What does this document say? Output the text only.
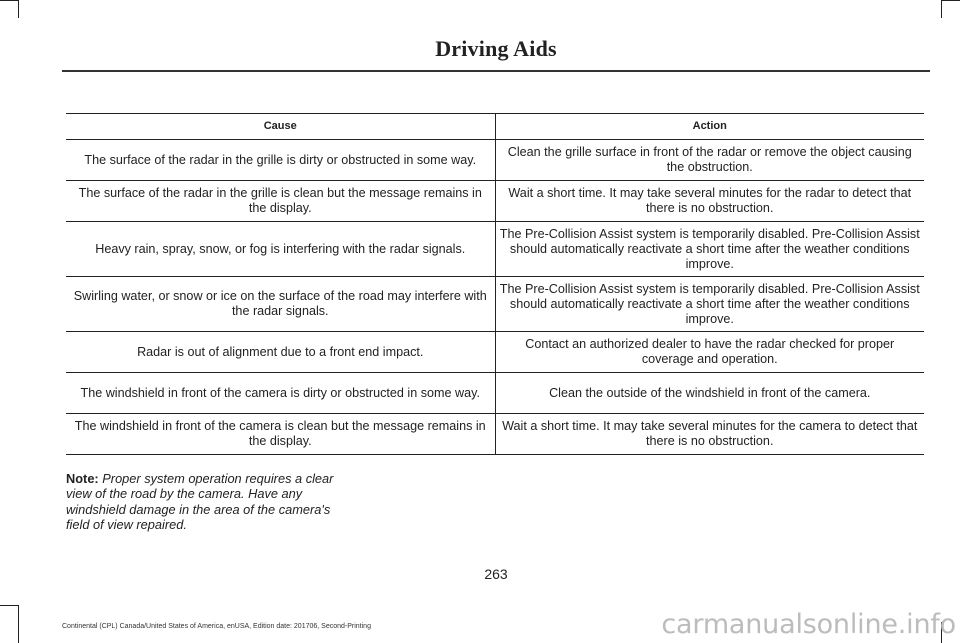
Driving Aids
Cause	Action
The surface of the radar in the grille is dirty or obstructed in some way.	Clean the grille surface in front of the radar or remove the object causing the obstruction.
The surface of the radar in the grille is clean but the message remains in the display.	Wait a short time. It may take several minutes for the radar to detect that there is no obstruction.
Heavy rain, spray, snow, or fog is interfering with the radar signals.	The Pre-Collision Assist system is temporarily disabled. Pre-Collision Assist should automatically reactivate a short time after the weather conditions improve.
Swirling water, or snow or ice on the surface of the road may interfere with the radar signals.	The Pre-Collision Assist system is temporarily disabled. Pre-Collision Assist should automatically reactivate a short time after the weather conditions improve.
Radar is out of alignment due to a front end impact.	Contact an authorized dealer to have the radar checked for proper coverage and operation.
The windshield in front of the camera is dirty or obstructed in some way.	Clean the outside of the windshield in front of the camera.
The windshield in front of the camera is clean but the message remains in the display.	Wait a short time. It may take several minutes for the camera to detect that there is no obstruction.
Note: Proper system operation requires a clear view of the road by the camera. Have any windshield damage in the area of the camera's field of view repaired.
263
Continental (CPL) Canada/United States of America, enUSA, Edition date: 201706, Second-Printing	carmanualsonline.info
